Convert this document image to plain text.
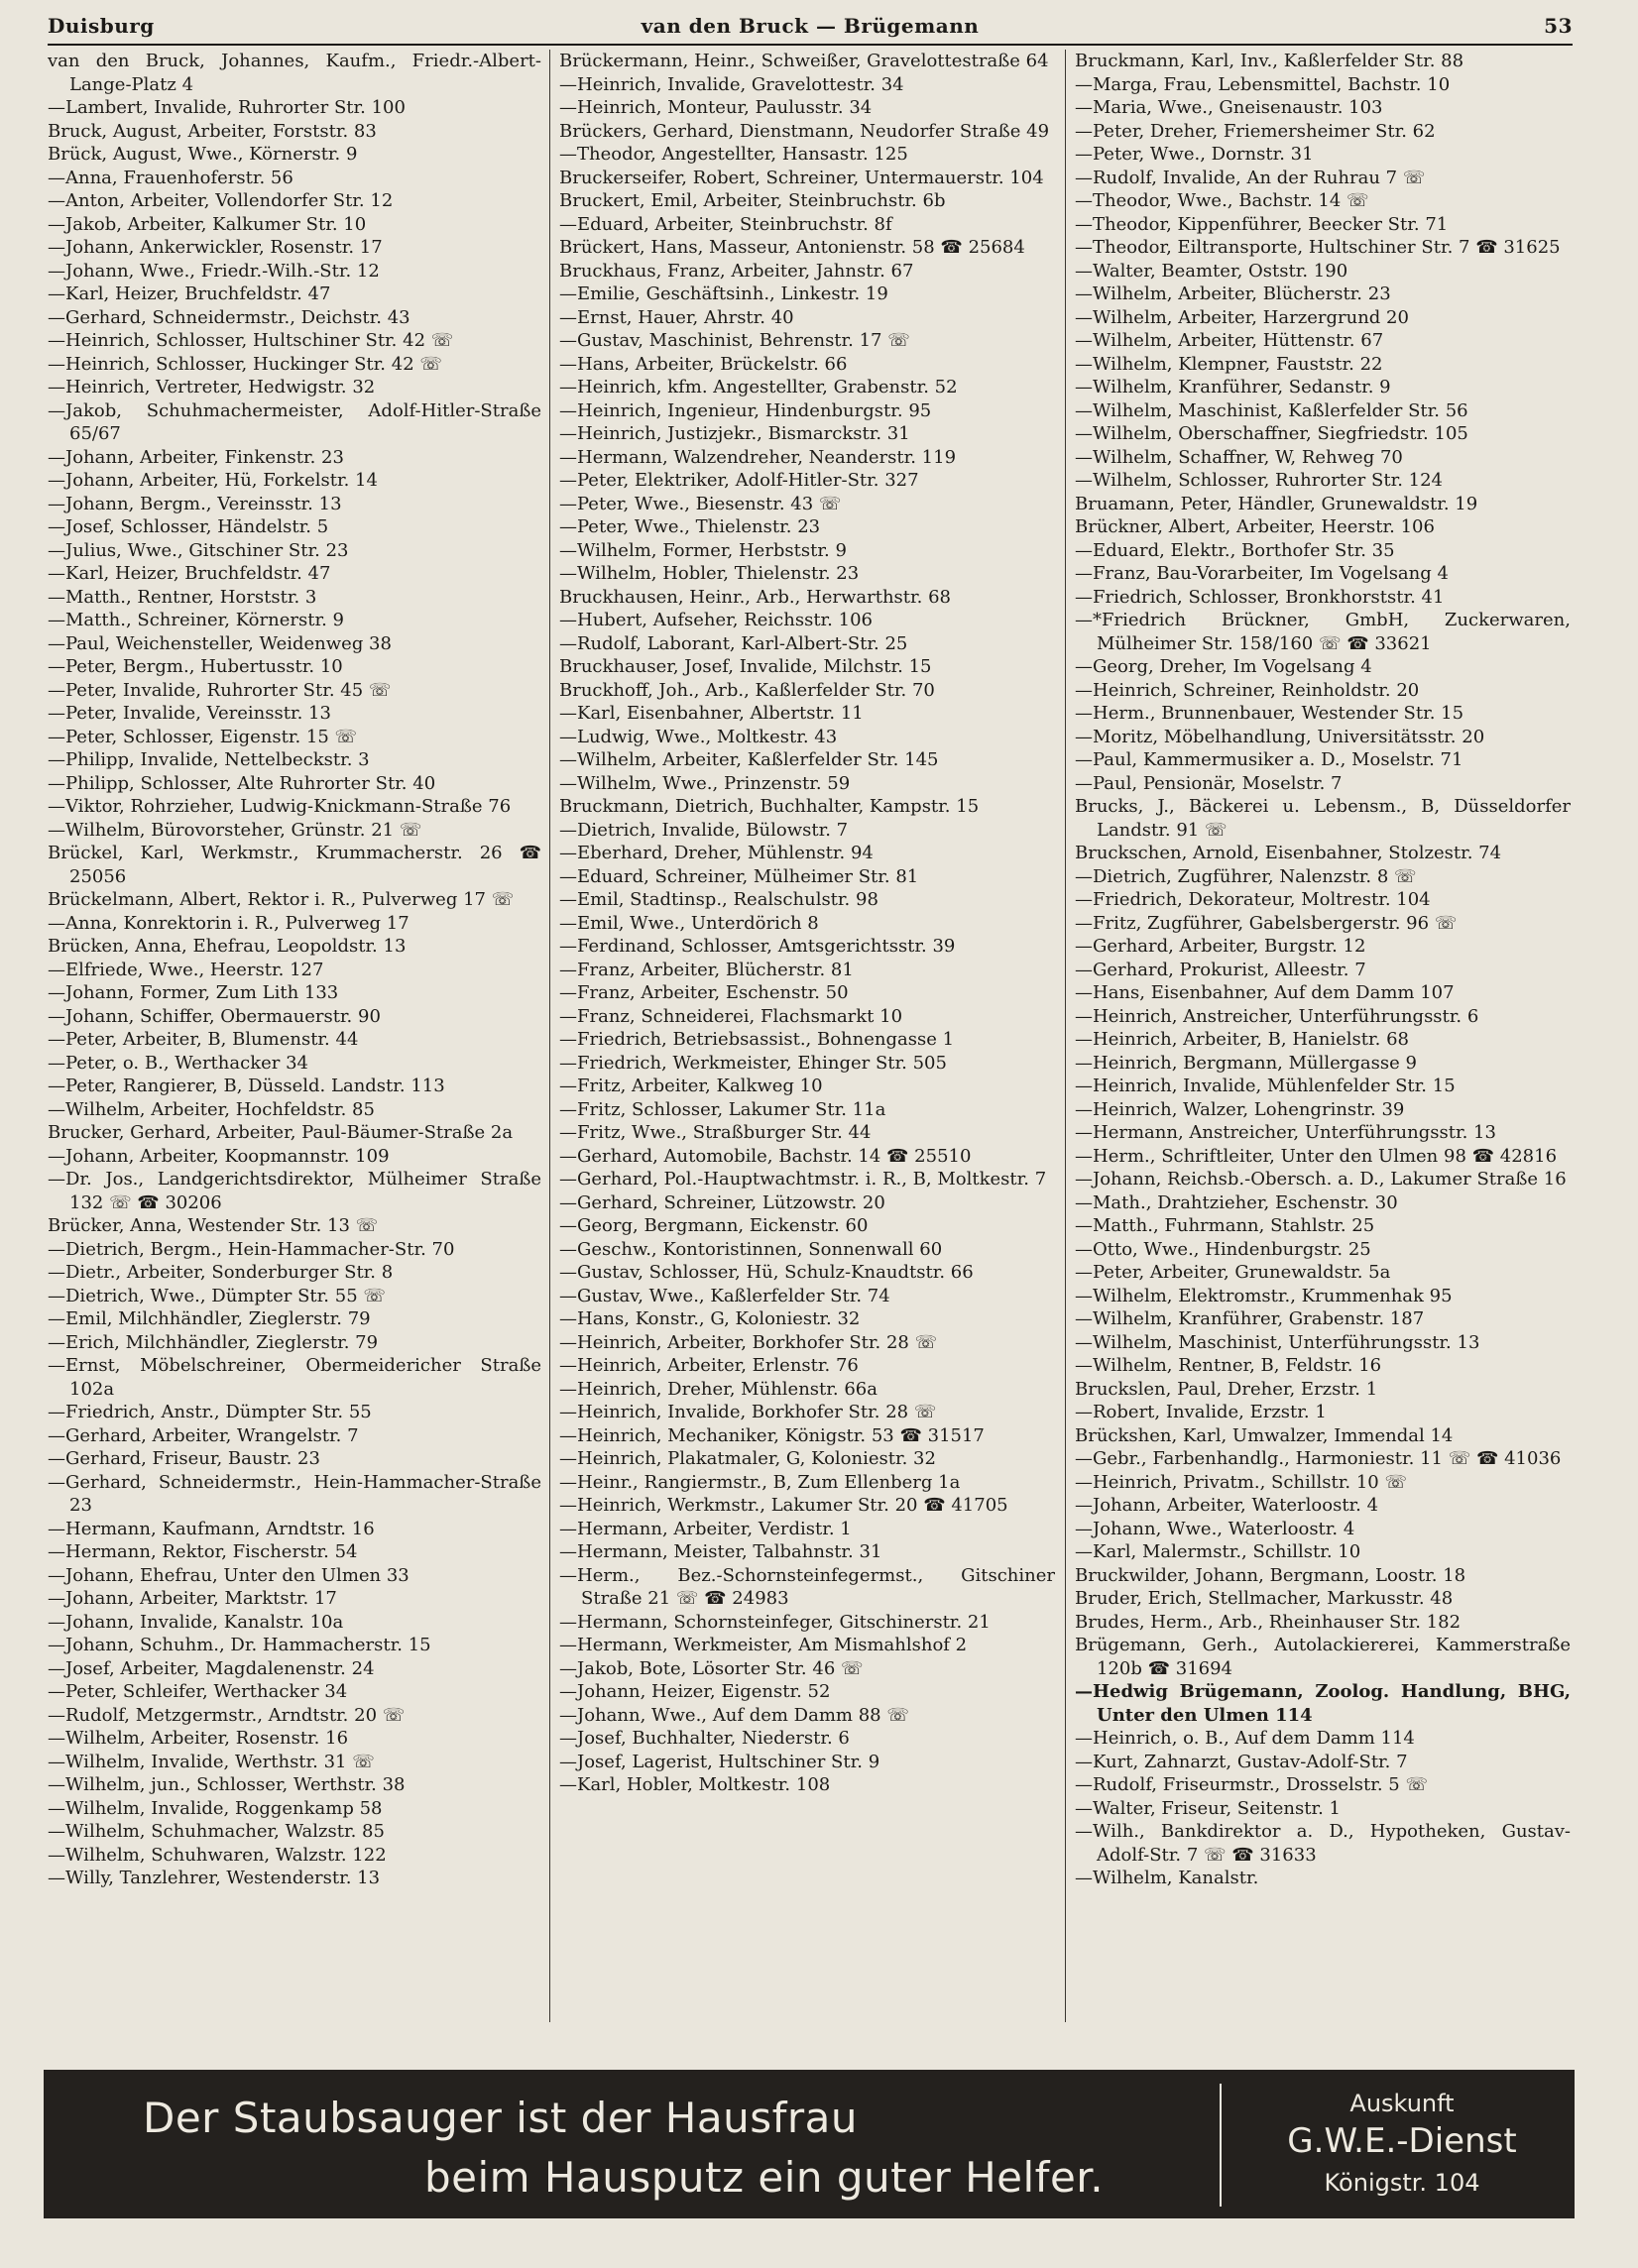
Duisburg	van den Bruck — Brügemann	53
van den Bruck, Johannes, Kaufm., Friedr.-Albert-Lange-Platz 4
—Lambert, Invalide, Ruhrorter Str. 100
Bruck, August, Arbeiter, Forststr. 83
Brück, August, Wwe., Körnerstr. 9
—Anna, Frauenhoferstr. 56
—Anton, Arbeiter, Vollendorfer Str. 12
—Jakob, Arbeiter, Kalkumer Str. 10
—Johann, Ankerwickler, Rosenstr. 17
—Johann, Wwe., Friedr.-Wilh.-Str. 12
—Karl, Heizer, Bruchfeldstr. 47
—Gerhard, Schneidermstr., Deichstr. 43
—Heinrich, Schlosser, Hultschiner Str. 42 ☏
—Heinrich, Schlosser, Huckinger Str. 42 ☏
—Heinrich, Vertreter, Hedwigstr. 32
—Jakob, Schuhmachermeister, Adolf-Hitler-Straße 65/67
—Johann, Arbeiter, Finkenstr. 23
—Johann, Arbeiter, Hü, Forkelstr. 14
—Johann, Bergm., Vereinsstr. 13
—Josef, Schlosser, Händelstr. 5
—Julius, Wwe., Gitschiner Str. 23
—Karl, Heizer, Bruchfeldstr. 47
—Matth., Rentner, Horststr. 3
—Matth., Schreiner, Körnerstr. 9
—Paul, Weichensteller, Weidenweg 38
—Peter, Bergm., Hubertusstr. 10
—Peter, Invalide, Ruhrorter Str. 45 ☏
—Peter, Invalide, Vereinsstr. 13
—Peter, Schlosser, Eigenstr. 15 ☏
—Philipp, Invalide, Nettelbeckstr. 3
—Philipp, Schlosser, Alte Ruhrorter Str. 40
—Viktor, Rohrzieher, Ludwig-Knickmann-Straße 76
—Wilhelm, Bürovorsteher, Grünstr. 21 ☏
Brückel, Karl, Werkmstr., Krummacherstr. 26 ☎ 25056
Brückelmann, Albert, Rektor i. R., Pulverweg 17 ☏
—Anna, Konrektorin i. R., Pulverweg 17
Brücken, Anna, Ehefrau, Leopoldstr. 13
—Elfriede, Wwe., Heerstr. 127
—Johann, Former, Zum Lith 133
—Johann, Schiffer, Obermauerstr. 90
—Peter, Arbeiter, B, Blumenstr. 44
—Peter, o. B., Werthacker 34
—Peter, Rangierer, B, Düsseld. Landstr. 113
—Wilhelm, Arbeiter, Hochfeldstr. 85
Brucker, Gerhard, Arbeiter, Paul-Bäumer-Straße 2a
—Johann, Arbeiter, Koopmannstr. 109
—Dr. Jos., Landgerichtsdirektor, Mülheimer Straße 132 ☏ ☎ 30206
Brücker, Anna, Westender Str. 13 ☏
—Dietrich, Bergm., Hein-Hammacher-Str. 70
—Dietr., Arbeiter, Sonderburger Str. 8
—Dietrich, Wwe., Dümpter Str. 55 ☏
—Emil, Milchhändler, Zieglerstr. 79
—Erich, Milchhändler, Zieglerstr. 79
—Ernst, Möbelschreiner, Obermeidericher Straße 102a
—Friedrich, Anstr., Dümpter Str. 55
—Gerhard, Arbeiter, Wrangelstr. 7
—Gerhard, Friseur, Baustr. 23
—Gerhard, Schneidermstr., Hein-Hammacher-Straße 23
—Hermann, Kaufmann, Arndtstr. 16
—Hermann, Rektor, Fischerstr. 54
—Johann, Ehefrau, Unter den Ulmen 33
—Johann, Arbeiter, Marktstr. 17
—Johann, Invalide, Kanalstr. 10a
—Johann, Schuhm., Dr. Hammacherstr. 15
—Josef, Arbeiter, Magdalenenstr. 24
—Peter, Schleifer, Werthacker 34
—Rudolf, Metzgermstr., Arndtstr. 20 ☏
—Wilhelm, Arbeiter, Rosenstr. 16
—Wilhelm, Invalide, Werthstr. 31 ☏
—Wilhelm, jun., Schlosser, Werthstr. 38
—Wilhelm, Invalide, Roggenkamp 58
—Wilhelm, Schuhmacher, Walzstr. 85
—Wilhelm, Schuhwaren, Walzstr. 122
—Willy, Tanzlehrer, Westenderstr. 13
Brückermann, Heinr., Schweißer, Gravelottestraße 64
—Heinrich, Invalide, Gravelottestr. 34
—Heinrich, Monteur, Paulusstr. 34
Brückers, Gerhard, Dienstmann, Neudorfer Straße 49
—Theodor, Angestellter, Hansastr. 125
Bruckerseifer, Robert, Schreiner, Untermauerstr. 104
Bruckert, Emil, Arbeiter, Steinbruchstr. 6b
—Eduard, Arbeiter, Steinbruchstr. 8f
Brückert, Hans, Masseur, Antonienstr. 58 ☎ 25684
Bruckhaus, Franz, Arbeiter, Jahnstr. 67
—Emilie, Geschäftsinh., Linkestr. 19
—Ernst, Hauer, Ahrstr. 40
—Gustav, Maschinist, Behrenstr. 17 ☏
—Hans, Arbeiter, Brückelstr. 66
—Heinrich, kfm. Angestellter, Grabenstr. 52
—Heinrich, Ingenieur, Hindenburgstr. 95
—Heinrich, Justizjekr., Bismarckstr. 31
—Hermann, Walzendreher, Neanderstr. 119
—Peter, Elektriker, Adolf-Hitler-Str. 327
—Peter, Wwe., Biesenstr. 43 ☏
—Peter, Wwe., Thielenstr. 23
—Wilhelm, Former, Herbststr. 9
—Wilhelm, Hobler, Thielenstr. 23
Bruckhausen, Heinr., Arb., Herwarthstr. 68
—Hubert, Aufseher, Reichsstr. 106
—Rudolf, Laborant, Karl-Albert-Str. 25
Bruckhauser, Josef, Invalide, Milchstr. 15
Bruckhoff, Joh., Arb., Kaßlerfelder Str. 70
—Karl, Eisenbahner, Albertstr. 11
—Ludwig, Wwe., Moltkestr. 43
—Wilhelm, Arbeiter, Kaßlerfelder Str. 145
—Wilhelm, Wwe., Prinzenstr. 59
Bruckmann, Dietrich, Buchhalter, Kampstr. 15
—Dietrich, Invalide, Bülowstr. 7
—Eberhard, Dreher, Mühlenstr. 94
—Eduard, Schreiner, Mülheimer Str. 81
—Emil, Stadtinsp., Realschulstr. 98
—Emil, Wwe., Unterdörich 8
—Ferdinand, Schlosser, Amtsgerichtsstr. 39
—Franz, Arbeiter, Blücherstr. 81
—Franz, Arbeiter, Eschenstr. 50
—Franz, Schneiderei, Flachsmarkt 10
—Friedrich, Betriebsassist., Bohnengasse 1
—Friedrich, Werkmeister, Ehinger Str. 505
—Fritz, Arbeiter, Kalkweg 10
—Fritz, Schlosser, Lakumer Str. 11a
—Fritz, Wwe., Straßburger Str. 44
—Gerhard, Automobile, Bachstr. 14 ☎ 25510
—Gerhard, Pol.-Hauptwachtmstr. i. R., B, Moltkestr. 7
—Gerhard, Schreiner, Lützowstr. 20
—Georg, Bergmann, Eickenstr. 60
—Geschw., Kontoristinnen, Sonnenwall 60
—Gustav, Schlosser, Hü, Schulz-Knaudtstr. 66
—Gustav, Wwe., Kaßlerfelder Str. 74
—Hans, Konstr., G, Koloniestr. 32
—Heinrich, Arbeiter, Borkhofer Str. 28 ☏
—Heinrich, Arbeiter, Erlenstr. 76
—Heinrich, Dreher, Mühlenstr. 66a
—Heinrich, Invalide, Borkhofer Str. 28 ☏
—Heinrich, Mechaniker, Königstr. 53 ☎ 31517
—Heinrich, Plakatmaler, G, Koloniestr. 32
—Heinr., Rangiermstr., B, Zum Ellenberg 1a
—Heinrich, Werkmstr., Lakumer Str. 20 ☎ 41705
—Hermann, Arbeiter, Verdistr. 1
—Hermann, Meister, Talbahnstr. 31
—Herm., Bez.-Schornsteinfegermst., Gitschiner Straße 21 ☏ ☎ 24983
—Hermann, Schornsteinfeger, Gitschinerstr. 21
—Hermann, Werkmeister, Am Mismahlshof 2
—Jakob, Bote, Lösorter Str. 46 ☏
—Johann, Heizer, Eigenstr. 52
—Johann, Wwe., Auf dem Damm 88 ☏
—Josef, Buchhalter, Niederstr. 6
—Josef, Lagerist, Hultschiner Str. 9
—Karl, Hobler, Moltkestr. 108
Bruckmann, Karl, Inv., Kaßlerfelder Str. 88
—Marga, Frau, Lebensmittel, Bachstr. 10
—Maria, Wwe., Gneisenaustr. 103
—Peter, Dreher, Friemersheimer Str. 62
—Peter, Wwe., Dornstr. 31
—Rudolf, Invalide, An der Ruhrau 7 ☏
—Theodor, Wwe., Bachstr. 14 ☏
—Theodor, Kippenführer, Beecker Str. 71
—Theodor, Eiltransporte, Hultschiner Str. 7 ☎ 31625
—Walter, Beamter, Oststr. 190
—Wilhelm, Arbeiter, Blücherstr. 23
—Wilhelm, Arbeiter, Harzergrund 20
—Wilhelm, Arbeiter, Hüttenstr. 67
—Wilhelm, Klempner, Fauststr. 22
—Wilhelm, Kranführer, Sedanstr. 9
—Wilhelm, Maschinist, Kaßlerfelder Str. 56
—Wilhelm, Oberschaffner, Siegfriedstr. 105
—Wilhelm, Schaffner, W, Rehweg 70
—Wilhelm, Schlosser, Ruhrorter Str. 124
Bruamann, Peter, Händler, Grunewaldstr. 19
Brückner, Albert, Arbeiter, Heerstr. 106
—Eduard, Elektr., Borthofer Str. 35
—Franz, Bau-Vorarbeiter, Im Vogelsang 4
—Friedrich, Schlosser, Bronkhorststr. 41
—*Friedrich Brückner, GmbH, Zuckerwaren, Mülheimer Str. 158/160 ☏ ☎ 33621
—Georg, Dreher, Im Vogelsang 4
—Heinrich, Schreiner, Reinholdstr. 20
—Herm., Brunnenbauer, Westender Str. 15
—Moritz, Möbelhandlung, Universitätsstr. 20
—Paul, Kammermusiker a. D., Moselstr. 71
—Paul, Pensionär, Moselstr. 7
Brucks, J., Bäckerei u. Lebensm., B, Düsseldorfer Landstr. 91 ☏
Bruckschen, Arnold, Eisenbahner, Stolzestr. 74
—Dietrich, Zugführer, Nalenzstr. 8 ☏
—Friedrich, Dekorateur, Moltrestr. 104
—Fritz, Zugführer, Gabelsbergerstr. 96 ☏
—Gerhard, Arbeiter, Burgstr. 12
—Gerhard, Prokurist, Alleestr. 7
—Hans, Eisenbahner, Auf dem Damm 107
—Heinrich, Anstreicher, Unterführungsstr. 6
—Heinrich, Arbeiter, B, Hanielstr. 68
—Heinrich, Bergmann, Müllergasse 9
—Heinrich, Invalide, Mühlenfelder Str. 15
—Heinrich, Walzer, Lohengrinstr. 39
—Hermann, Anstreicher, Unterführungsstr. 13
—Herm., Schriftleiter, Unter den Ulmen 98 ☎ 42816
—Johann, Reichsb.-Obersch. a. D., Lakumer Straße 16
—Math., Drahtzieher, Eschenstr. 30
—Matth., Fuhrmann, Stahlstr. 25
—Otto, Wwe., Hindenburgstr. 25
—Peter, Arbeiter, Grunewaldstr. 5a
—Wilhelm, Elektromstr., Krummenhak 95
—Wilhelm, Kranführer, Grabenstr. 187
—Wilhelm, Maschinist, Unterführungsstr. 13
—Wilhelm, Rentner, B, Feldstr. 16
Bruckslen, Paul, Dreher, Erzstr. 1
—Robert, Invalide, Erzstr. 1
Brückshen, Karl, Umwalzer, Immendal 14
—Gebr., Farbenhandlg., Harmoniestr. 11 ☏ ☎ 41036
—Heinrich, Privatm., Schillstr. 10 ☏
—Johann, Arbeiter, Waterloostr. 4
—Johann, Wwe., Waterloostr. 4
—Karl, Malermstr., Schillstr. 10
Bruckwilder, Johann, Bergmann, Loostr. 18
Bruder, Erich, Stellmacher, Markusstr. 48
Brudes, Herm., Arb., Rheinhauser Str. 182
Brügemann, Gerh., Autolackiererei, Kammerstraße 120b ☎ 31694
—Hedwig Brügemann, Zoolog. Handlung, BHG, Unter den Ulmen 114
—Heinrich, o. B., Auf dem Damm 114
—Kurt, Zahnarzt, Gustav-Adolf-Str. 7
—Rudolf, Friseurmstr., Drosselstr. 5 ☏
—Walter, Friseur, Seitenstr. 1
—Wilh., Bankdirektor a. D., Hypotheken, Gustav-Adolf-Str. 7 ☏ ☎ 31633
—Wilhelm, Kanalstr.
Der Staubsauger ist der Hausfrau
beim Hausputz ein guter Helfer.
Auskunft
G.W.E.-Dienst
Königstr. 104
